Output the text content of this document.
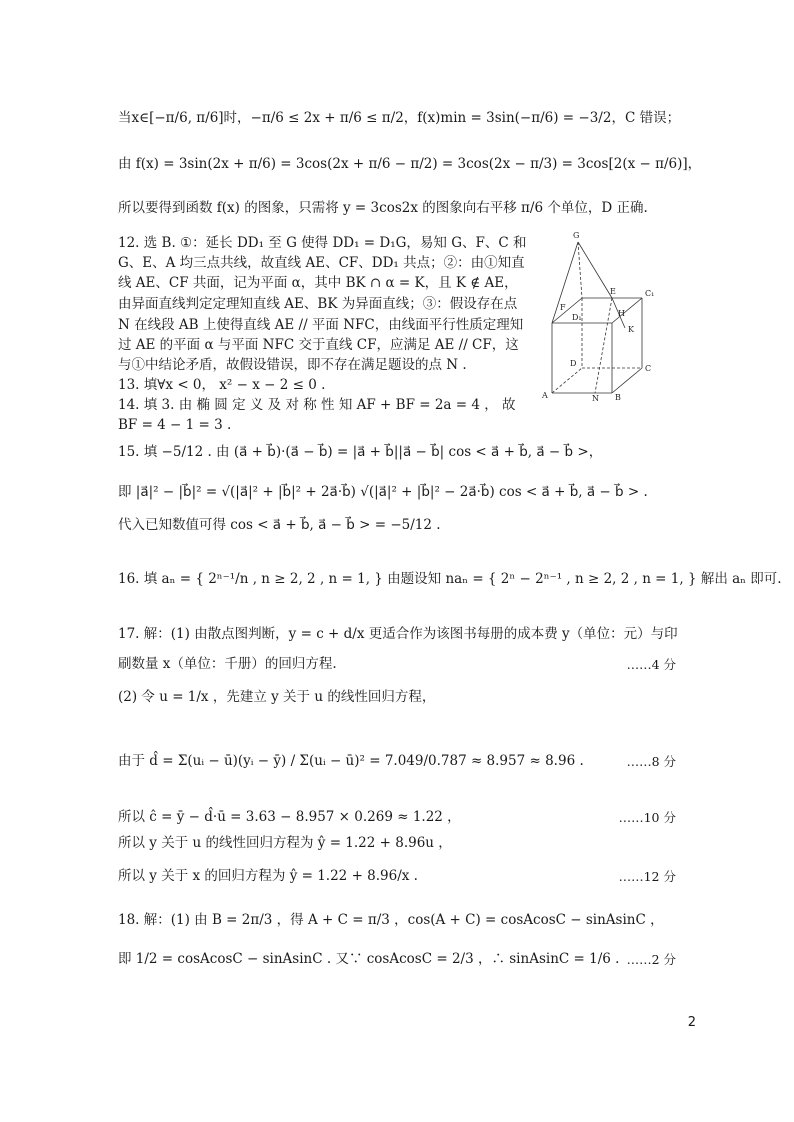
当x∈[−π/6, π/6]时，−π/6 ≤ 2x + π/6 ≤ π/2，f(x)min = 3sin(−π/6) = −3/2，C 错误；
由 f(x) = 3sin(2x + π/6) = 3cos(2x + π/6 − π/2) = 3cos(2x − π/3) = 3cos[2(x − π/6)]，
所以要得到函数 f(x) 的图象，只需将 y = 3cos2x 的图象向右平移 π/6 个单位，D 正确.
12. 选 B. ①：延长 DD₁ 至 G 使得 DD₁ = D₁G，易知 G、F、C 和
G、E、A 均三点共线，故直线 AE、CF、DD₁ 共点；②：由①知直
线 AE、CF 共面，记为平面 α，其中 BK ∩ α = K，且 K ∉ AE，
由异面直线判定定理知直线 AE、BK 为异面直线；③：假设存在点
N 在线段 AB 上使得直线 AE // 平面 NFC，由线面平行性质定理知
过 AE 的平面 α 与平面 NFC 交于直线 CF，应满足 AE // CF，这
与①中结论矛盾，故假设错误，即不存在满足题设的点 N .
13. 填∀x < 0， x² − x − 2 ≤ 0 .
14. 填 3. 由 椭 圆 定 义 及 对 称 性 知 AF + BF = 2a = 4 ， 故
BF = 4 − 1 = 3 .
15. 填 −5/12 . 由 (a⃗ + b⃗)·(a⃗ − b⃗) = |a⃗ + b⃗||a⃗ − b⃗| cos < a⃗ + b⃗, a⃗ − b⃗ >，
即 |a⃗|² − |b⃗|² = √(|a⃗|² + |b⃗|² + 2a⃗·b⃗) √(|a⃗|² + |b⃗|² − 2a⃗·b⃗) cos < a⃗ + b⃗, a⃗ − b⃗ > .
代入已知数值可得 cos < a⃗ + b⃗, a⃗ − b⃗ > = −5/12 .
16. 填 aₙ = { 2ⁿ⁻¹/n , n ≥ 2, 2 , n = 1, } 由题设知 naₙ = { 2ⁿ − 2ⁿ⁻¹ , n ≥ 2, 2 , n = 1, } 解出 aₙ 即可.
17. 解：(1) 由散点图判断，y = c + d/x 更适合作为该图书每册的成本费 y（单位：元）与印
刷数量 x（单位：千册）的回归方程.	……4 分
(2) 令 u = 1/x ，先建立 y 关于 u 的线性回归方程，
由于 d̂ = Σ(uᵢ − ū)(yᵢ − ȳ) / Σ(uᵢ − ū)² = 7.049/0.787 ≈ 8.957 ≈ 8.96 .	……8 分
所以 ĉ = ȳ − d̂·ū = 3.63 − 8.957 × 0.269 ≈ 1.22 ，	……10 分
所以 y 关于 u 的线性回归方程为 ŷ = 1.22 + 8.96u ，
所以 y 关于 x 的回归方程为 ŷ = 1.22 + 8.96/x .	……12 分
18. 解：(1) 由 B = 2π/3 ，得 A + C = π/3 ，cos(A + C) = cosAcosC − sinAsinC ，
即 1/2 = cosAcosC − sinAsinC . 又∵ cosAcosC = 2/3 ，∴ sinAsinC = 1/6 . ……2 分
G
F
E	C₁
H
K
D₁
D
C
A	N B
2
